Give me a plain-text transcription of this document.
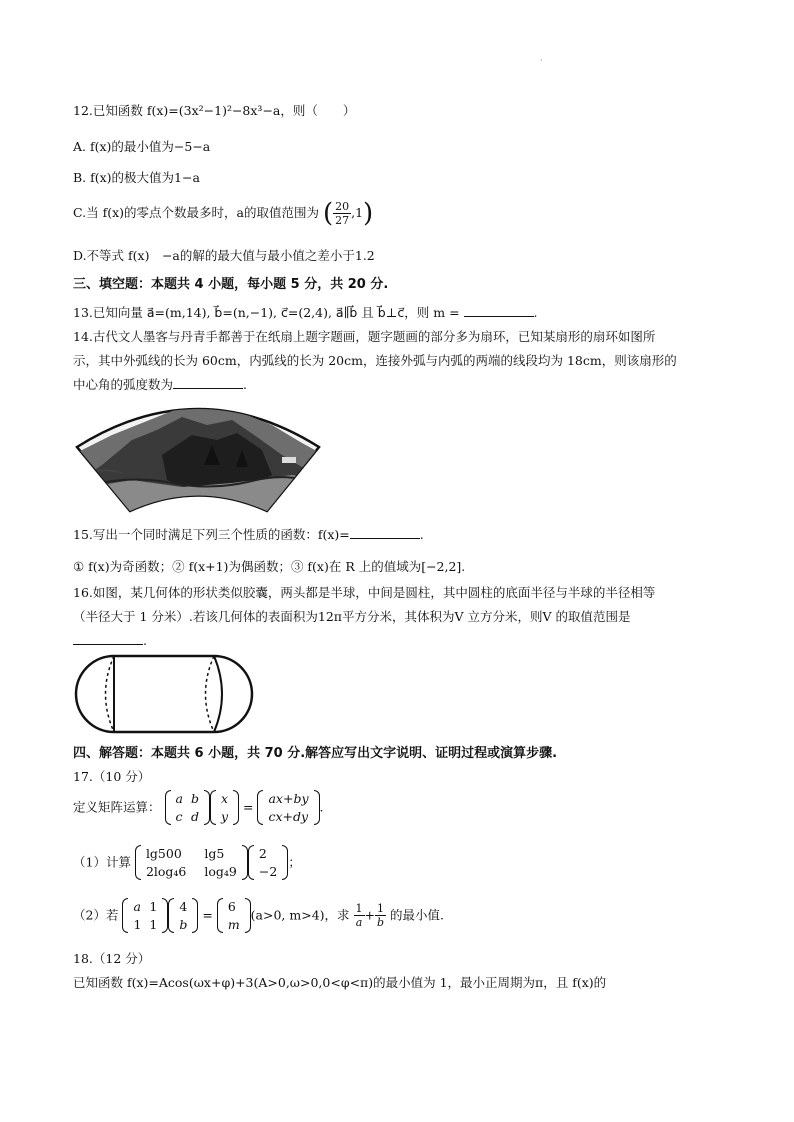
·
12.已知函数 f(x)=(3x²−1)²−8x³−a，则（　　）
A. f(x)的最小值为−5−a
B. f(x)的极大值为1−a
C.当 f(x)的零点个数最多时，a的取值范围为 ( $\frac{20}{27} ,1$)
D.不等式 f(x)　−a的解的最大值与最小值之差小于1.2
三、填空题：本题共 4 小题，每小题 5 分，共 20 分.
13.已知向量 a⃗=(m,14), b⃗=(n,−1), c⃗=(2,4), a⃗∥b⃗ 且 b⃗⊥c⃗，则 m =	.
14.古代文人墨客与丹青手都善于在纸扇上题字题画，题字题画的部分多为扇环，已知某扇形的扇环如图所
示，其中外弧线的长为 60cm，内弧线的长为 20cm，连接外弧与内弧的两端的线段均为 18cm，则该扇形的
中心角的弧度数为	.
15.写出一个同时满足下列三个性质的函数：f(x)=	.
① f(x)为奇函数；② f(x+1)为偶函数；③ f(x)在 R 上的值域为[−2,2].
16.如图，某几何体的形状类似胶囊，两头都是半球，中间是圆柱，其中圆柱的底面半径与半球的半径相等
（半径大于 1 分米）.若该几何体的表面积为12π平方分米，其体积为V 立方分米，则V 的取值范围是
.
四、解答题：本题共 6 小题，共 70 分.解答应写出文字说明、证明过程或演算步骤.
17.（10 分）
定义矩阵运算：
a	b
c	d
x
y
=
ax+by
cx+dy
.
（1）计算
lg500	lg5
2log₄6	log₄9
2
−2
；
（2）若
a	1
1	1
4
b
=
6
m
(a>0, m>4)，求 $\frac{1}{a} + \frac{1}{b}$ 的最小值.
18.（12 分）
已知函数 f(x)=Acos(ωx+φ)+3(A>0,ω>0,0<φ<π)的最小值为 1，最小正周期为π，且 f(x)的
